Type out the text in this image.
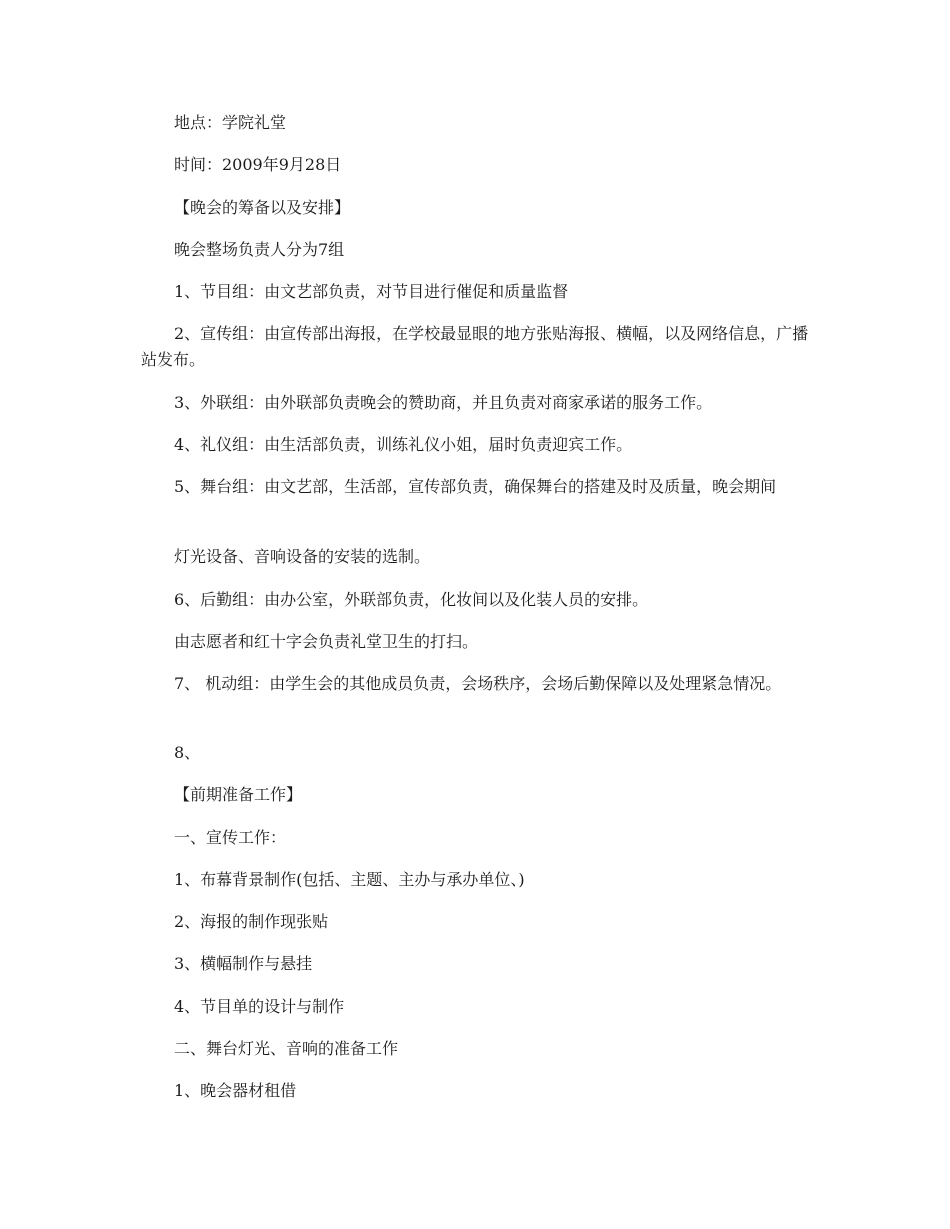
地点：学院礼堂

时间：2009年9月28日

【晚会的筹备以及安排】

晚会整场负责人分为7组

1、节目组：由文艺部负责，对节目进行催促和质量监督

2、宣传组：由宣传部出海报，在学校最显眼的地方张贴海报、横幅，以及网络信息，广播站发布。

3、外联组：由外联部负责晚会的赞助商，并且负责对商家承诺的服务工作。

4、礼仪组：由生活部负责，训练礼仪小姐，届时负责迎宾工作。

5、舞台组：由文艺部，生活部，宣传部负责，确保舞台的搭建及时及质量，晚会期间

灯光设备、音响设备的安装的选制。

6、后勤组：由办公室，外联部负责，化妆间以及化装人员的安排。

由志愿者和红十字会负责礼堂卫生的打扫。

7、 机动组：由学生会的其他成员负责，会场秩序，会场后勤保障以及处理紧急情况。

8、

【前期准备工作】

一、宣传工作：

1、布幕背景制作(包括、主题、主办与承办单位、)

2、海报的制作现张贴

3、横幅制作与悬挂

4、节目单的设计与制作

二、舞台灯光、音响的准备工作

1、晚会器材租借
